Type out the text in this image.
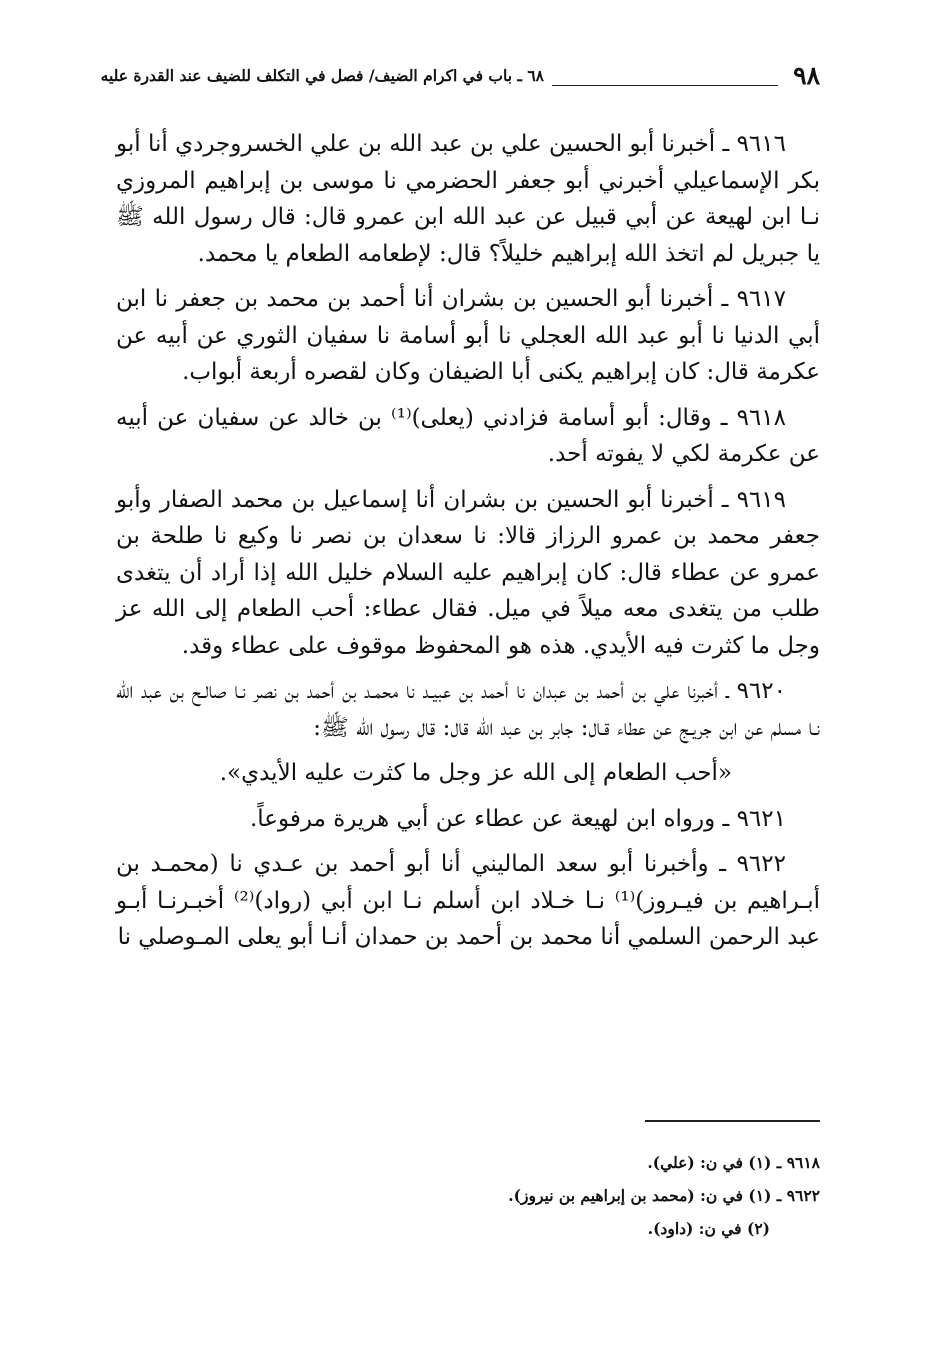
٩٨
٦٨ ـ باب في اكرام الضيف/ فصل في التكلف للضيف عند القدرة عليه

٩٦١٦ ـ أخبرنا أبو الحسين علي بن عبد الله بن علي الخسروجردي أنا أبو بكر الإسماعيلي أخبرني أبو جعفر الحضرمي نا موسى بن إبراهيم المروزي نـا ابن لهيعة عن أبي قبيل عن عبد الله ابن عمرو قال: قال رسول الله ﷺ يا جبريل لم اتخذ الله إبراهيم خليلاً؟ قال: لإطعامه الطعام يا محمد.

٩٦١٧ ـ أخبرنا أبو الحسين بن بشران أنا أحمد بن محمد بن جعفر نا ابن أبي الدنيا نا أبو عبد الله العجلي نا أبو أسامة نا سفيان الثوري عن أبيه عن عكرمة قال: كان إبراهيم يكنى أبا الضيفان وكان لقصره أربعة أبواب.

٩٦١٨ ـ وقال: أبو أسامة فزادني (يعلى)⁽¹⁾ بن خالد عن سفيان عن أبيه عن عكرمة لكي لا يفوته أحد.

٩٦١٩ ـ أخبرنا أبو الحسين بن بشران أنا إسماعيل بن محمد الصفار وأبو جعفر محمد بن عمرو الرزاز قالا: نا سعدان بن نصر نا وكيع نا طلحة بن عمرو عن عطاء قال: كان إبراهيم عليه السلام خليل الله إذا أراد أن يتغدى طلب من يتغدى معه ميلاً في ميل. فقال عطاء: أحب الطعام إلى الله عز وجل ما كثرت فيه الأيدي. هذه هو المحفوظ موقوف على عطاء وقد.

٩٦٢٠ ـ أخبرنا علي بن أحمد بن عبدان نا أحمد بن عبيـد نا محمـد بن أحمد بن نصر نـا صالـح بن عبد الله نـا مسلم عن ابن جريـج عن عطاء قـال: جابر بن عبد الله قال: قال رسول الله ﷺ:

«أحب الطعام إلى الله عز وجل ما كثرت عليه الأيدي».

٩٦٢١ ـ ورواه ابن لهيعة عن عطاء عن أبي هريرة مرفوعاً.

٩٦٢٢ ـ وأخبرنا أبو سعد الماليني أنا أبو أحمد بن عـدي نا (محمـد بن أبـراهيم بن فيـروز)⁽¹⁾ نـا خـلاد ابن أسلم نـا ابن أبي (رواد)⁽²⁾ أخبـرنـا أبـو عبد الرحمن السلمي أنا محمد بن أحمد بن حمدان أنـا أبو يعلى المـوصلي نا

٩٦١٨ ـ (١) في ن: (علي).

٩٦٢٢ ـ (١) في ن: (محمد بن إبراهيم بن نيروز).

(٢) في ن: (داود).
